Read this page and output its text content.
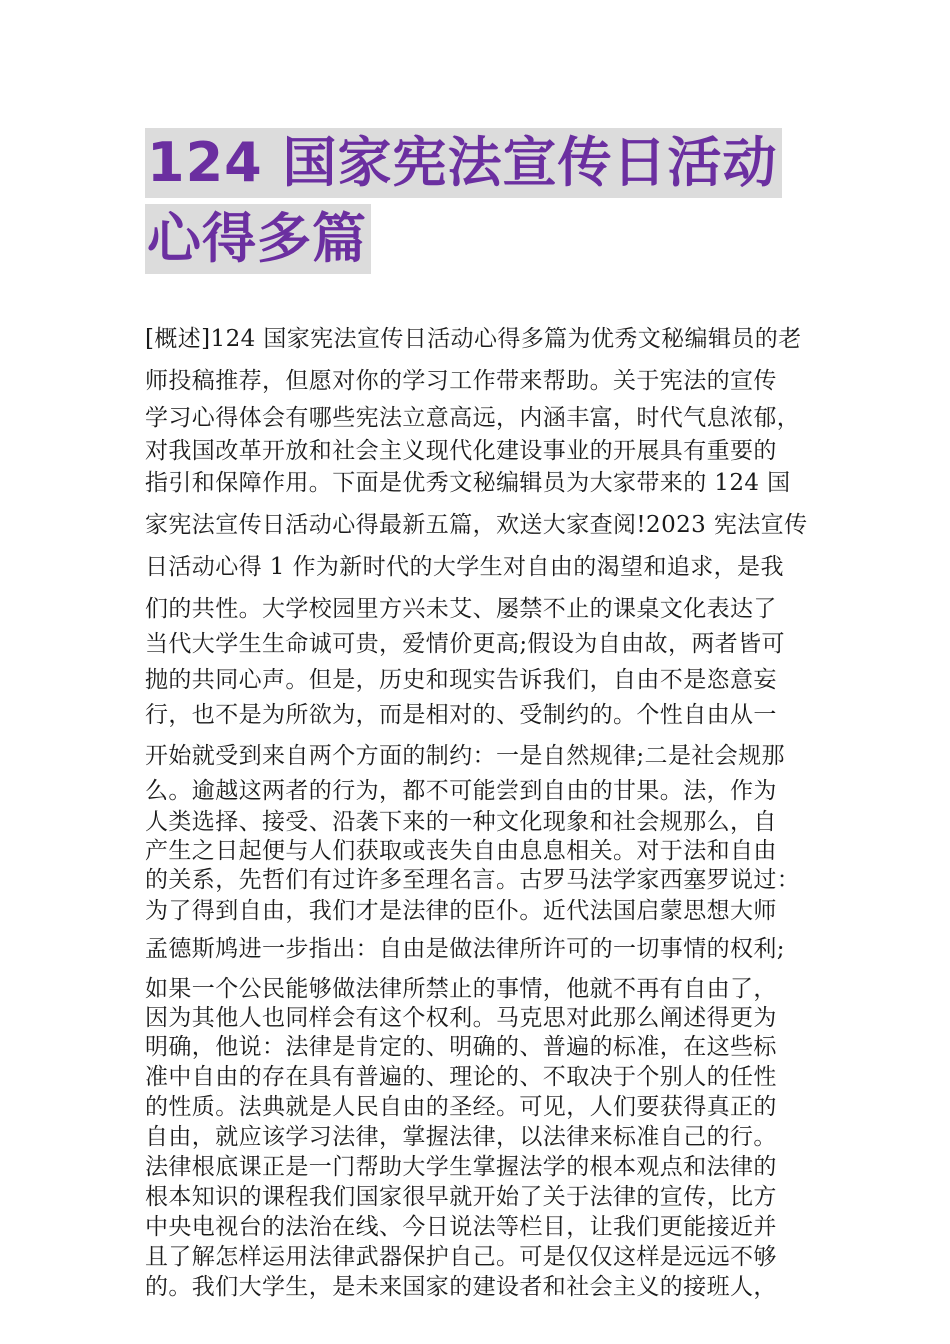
124 国家宪法宣传日活动
心得多篇
[概述]124 国家宪法宣传日活动心得多篇为优秀文秘编辑员的老
师投稿推荐，但愿对你的学习工作带来帮助。关于宪法的宣传
学习心得体会有哪些宪法立意高远，内涵丰富，时代气息浓郁，
对我国改革开放和社会主义现代化建设事业的开展具有重要的
指引和保障作用。下面是优秀文秘编辑员为大家带来的 124 国
家宪法宣传日活动心得最新五篇，欢送大家查阅!2023 宪法宣传
日活动心得 1 作为新时代的大学生对自由的渴望和追求，是我
们的共性。大学校园里方兴未艾、屡禁不止的课桌文化表达了
当代大学生生命诚可贵，爱情价更高;假设为自由故，两者皆可
抛的共同心声。但是，历史和现实告诉我们，自由不是恣意妄
行，也不是为所欲为，而是相对的、受制约的。个性自由从一
开始就受到来自两个方面的制约：一是自然规律;二是社会规那
么。逾越这两者的行为，都不可能尝到自由的甘果。法，作为
人类选择、接受、沿袭下来的一种文化现象和社会规那么，自
产生之日起便与人们获取或丧失自由息息相关。对于法和自由
的关系，先哲们有过许多至理名言。古罗马法学家西塞罗说过：
为了得到自由，我们才是法律的臣仆。近代法国启蒙思想大师
孟德斯鸠进一步指出：自由是做法律所许可的一切事情的权利;
如果一个公民能够做法律所禁止的事情，他就不再有自由了，
因为其他人也同样会有这个权利。马克思对此那么阐述得更为
明确，他说：法律是肯定的、明确的、普遍的标准，在这些标
准中自由的存在具有普遍的、理论的、不取决于个别人的任性
的性质。法典就是人民自由的圣经。可见，人们要获得真正的
自由，就应该学习法律，掌握法律，以法律来标准自己的行。
法律根底课正是一门帮助大学生掌握法学的根本观点和法律的
根本知识的课程我们国家很早就开始了关于法律的宣传，比方
中央电视台的法治在线、今日说法等栏目，让我们更能接近并
且了解怎样运用法律武器保护自己。可是仅仅这样是远远不够
的。我们大学生，是未来国家的建设者和社会主义的接班人，
